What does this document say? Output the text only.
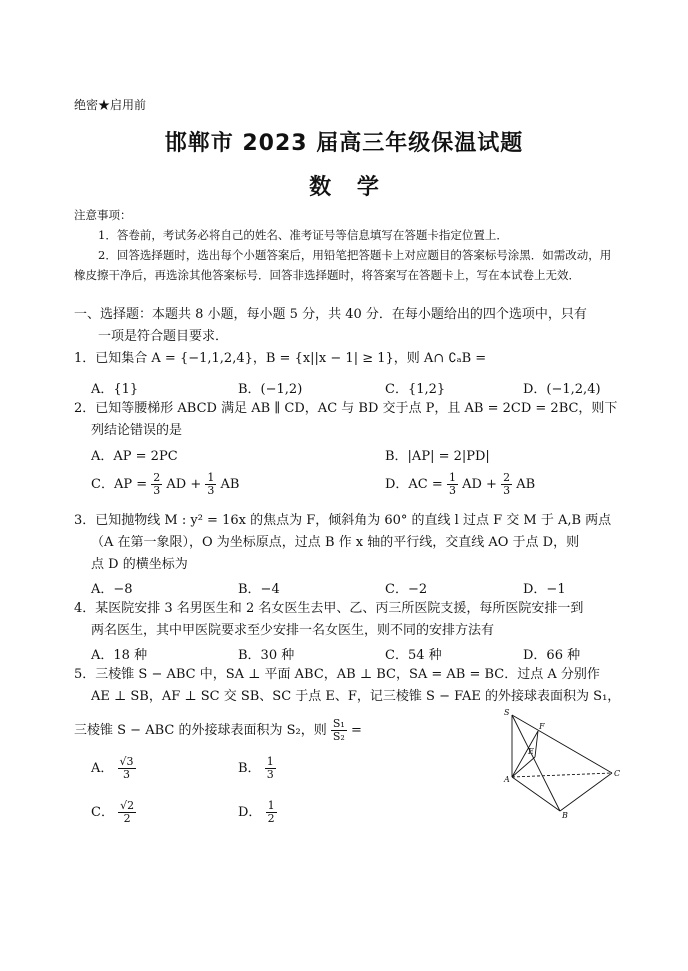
绝密★启用前
邯郸市 2023 届高三年级保温试题
数 学
注意事项：
1．答卷前，考试务必将自己的姓名、准考证号等信息填写在答题卡指定位置上．
2．回答选择题时，选出每个小题答案后，用铅笔把答题卡上对应题目的答案标号涂黑．如需改动，用橡皮擦干净后，再选涂其他答案标号．回答非选择题时，将答案写在答题卡上，写在本试卷上无效．
一、选择题：本题共 8 小题，每小题 5 分，共 40 分．在每小题给出的四个选项中，只有
一项是符合题目要求．
1．已知集合 A = {−1,1,2,4}，B = {x||x − 1| ≥ 1}，则 A∩ ∁ₐB =
A．{1}	B．(−1,2)	C．{1,2}	D．(−1,2,4)
2．已知等腰梯形 ABCD 满足 AB ∥ CD，AC 与 BD 交于点 P，且 AB = 2CD = 2BC，则下
列结论错误的是
A．AP = 2PC	B．|AP| = 2|PD|
C．AP = $\frac{2}{3}$ AD + $\frac{1}{3}$ AB	D．AC = $\frac{1}{3}$ AD + $\frac{2}{3}$ AB
3．已知抛物线 M : y² = 16x 的焦点为 F，倾斜角为 60° 的直线 l 过点 F 交 M 于 A,B 两点
（A 在第一象限），O 为坐标原点，过点 B 作 x 轴的平行线，交直线 AO 于点 D，则
点 D 的横坐标为
A．−8	B．−4	C．−2	D．−1
4．某医院安排 3 名男医生和 2 名女医生去甲、乙、丙三所医院支援，每所医院安排一到
两名医生，其中甲医院要求至少安排一名女医生，则不同的安排方法有
A．18 种	B．30 种	C．54 种	D．66 种
5．三棱锥 S − ABC 中，SA ⊥ 平面 ABC，AB ⊥ BC，SA = AB = BC．过点 A 分别作
AE ⊥ SB，AF ⊥ SC 交 SB、SC 于点 E、F，记三棱锥 S − FAE 的外接球表面积为 S₁，
三棱锥 S − ABC 的外接球表面积为 S₂，则 $\frac{\text{S₁}}{\text{S₂}}$ =
A． $\frac{√3}{3}$	B． $\frac{1}{3}$
C． $\frac{√2}{2}$	D． $\frac{1}{2}$
S
F
E
A
B
C
